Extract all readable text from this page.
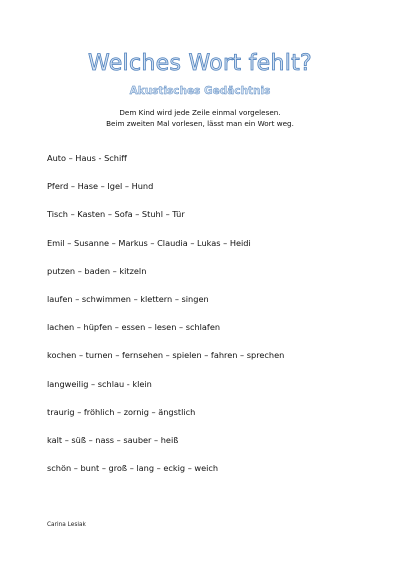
Welches Wort fehlt?
Akustisches Gedächtnis
Dem Kind wird jede Zeile einmal vorgelesen.
Beim zweiten Mal vorlesen, lässt man ein Wort weg.
Auto – Haus - Schiff
Pferd – Hase – Igel – Hund
Tisch – Kasten – Sofa – Stuhl – Tür
Emil – Susanne – Markus – Claudia – Lukas – Heidi
putzen – baden – kitzeln
laufen – schwimmen – klettern – singen
lachen – hüpfen – essen – lesen – schlafen
kochen – turnen – fernsehen – spielen – fahren – sprechen
langweilig – schlau - klein
traurig – fröhlich – zornig – ängstlich
kalt – süß – nass – sauber – heiß
schön – bunt – groß – lang – eckig – weich
Carina Lesiak
